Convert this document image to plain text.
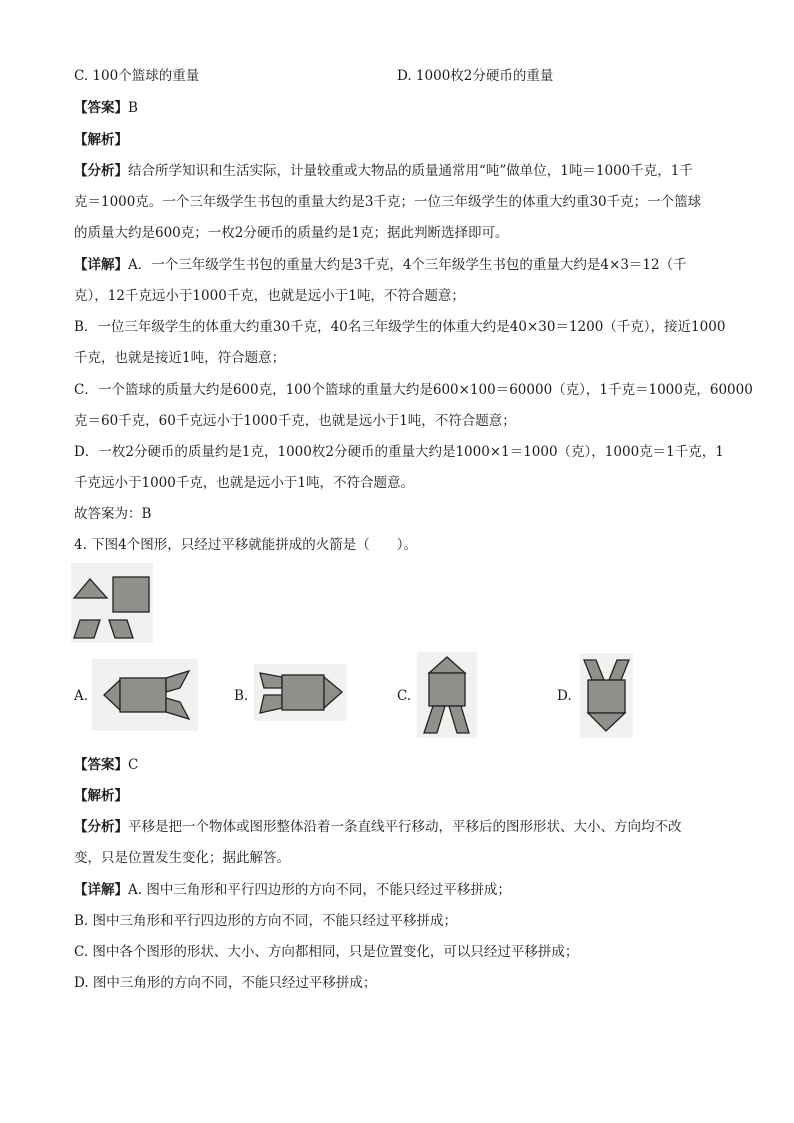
C. 100个篮球的重量	D. 1000枚2分硬币的重量
【答案】B
【解析】
【分析】结合所学知识和生活实际，计量较重或大物品的质量通常用“吨”做单位，1吨＝1000千克，1千
克＝1000克。一个三年级学生书包的重量大约是3千克；一位三年级学生的体重大约重30千克；一个篮球
的质量大约是600克；一枚2分硬币的质量约是1克；据此判断选择即可。
【详解】A．一个三年级学生书包的重量大约是3千克，4个三年级学生书包的重量大约是4×3＝12（千
克），12千克远小于1000千克，也就是远小于1吨，不符合题意；
B．一位三年级学生的体重大约重30千克，40名三年级学生的体重大约是40×30＝1200（千克），接近1000
千克，也就是接近1吨，符合题意；
C．一个篮球的质量大约是600克，100个篮球的重量大约是600×100＝60000（克），1千克＝1000克，60000
克＝60千克，60千克远小于1000千克，也就是远小于1吨，不符合题意；
D．一枚2分硬币的质量约是1克，1000枚2分硬币的重量大约是1000×1＝1000（克），1000克＝1千克，1
千克远小于1000千克，也就是远小于1吨，不符合题意。
故答案为：B
4. 下图4个图形，只经过平移就能拼成的火箭是（　　）。
A.	B.	C.	D.
【答案】C
【解析】
【分析】平移是把一个物体或图形整体沿着一条直线平行移动，平移后的图形形状、大小、方向均不改
变，只是位置发生变化；据此解答。
【详解】A. 图中三角形和平行四边形的方向不同，不能只经过平移拼成；
B. 图中三角形和平行四边形的方向不同，不能只经过平移拼成；
C. 图中各个图形的形状、大小、方向都相同，只是位置变化，可以只经过平移拼成；
D. 图中三角形的方向不同，不能只经过平移拼成；
